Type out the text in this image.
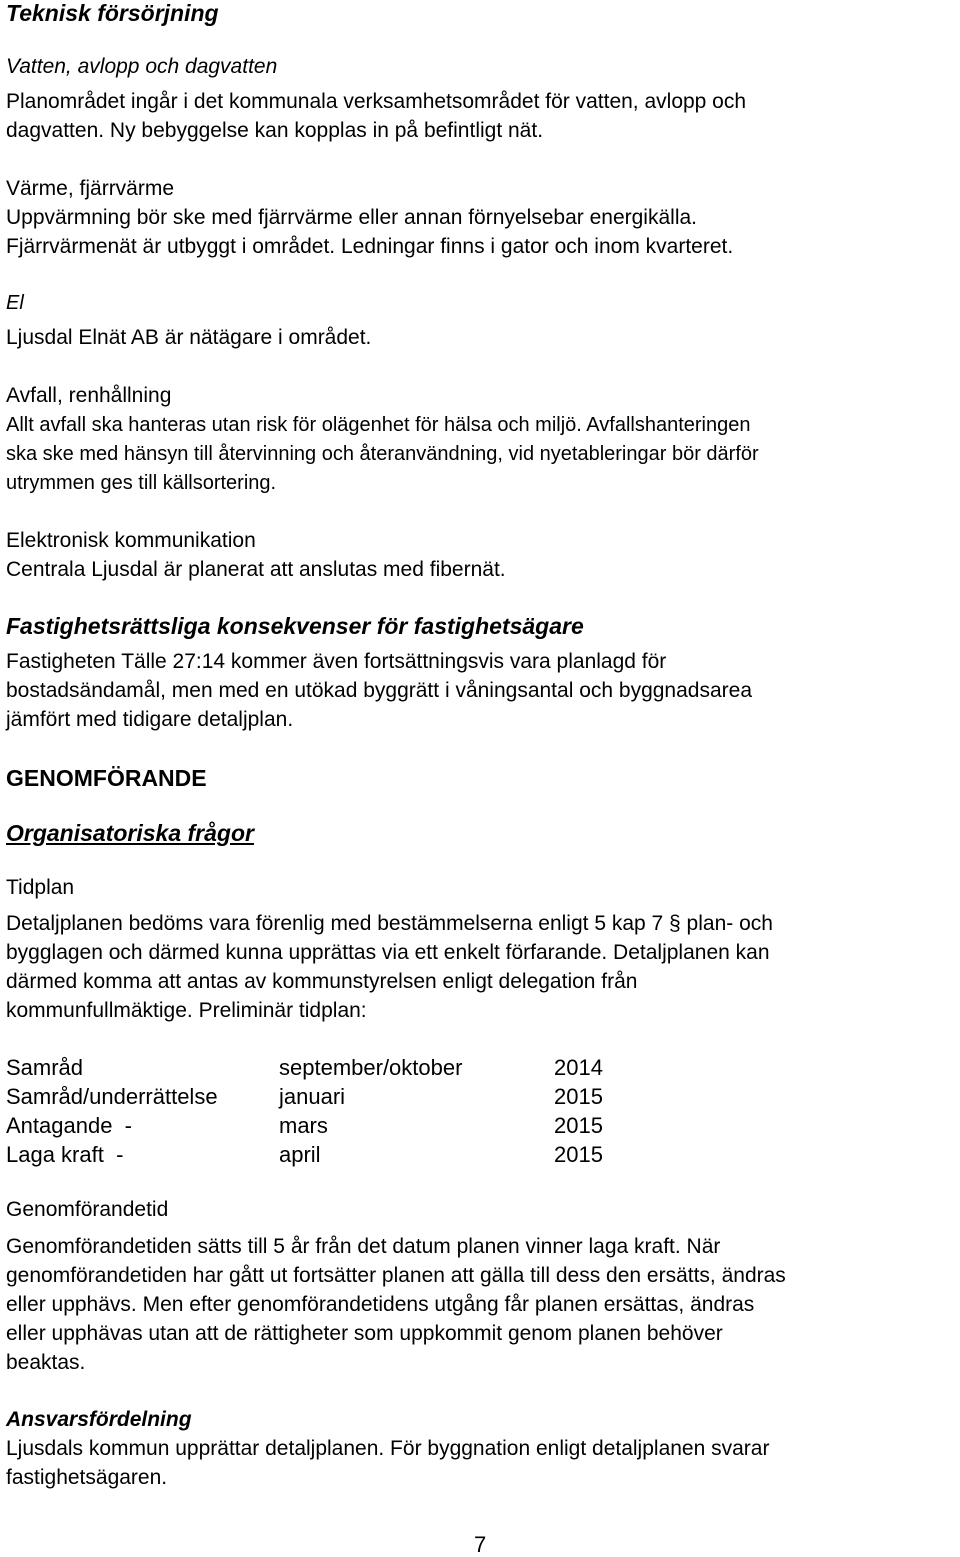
Teknisk försörjning
Vatten, avlopp och dagvatten
Planområdet ingår i det kommunala verksamhetsområdet för vatten, avlopp och
dagvatten. Ny bebyggelse kan kopplas in på befintligt nät.
Värme, fjärrvärme
Uppvärmning bör ske med fjärrvärme eller annan förnyelsebar energikälla.
Fjärrvärmenät är utbyggt i området. Ledningar finns i gator och inom kvarteret.
El
Ljusdal Elnät AB är nätägare i området.
Avfall, renhållning
Allt avfall ska hanteras utan risk för olägenhet för hälsa och miljö. Avfallshanteringen
ska ske med hänsyn till återvinning och återanvändning, vid nyetableringar bör därför
utrymmen ges till källsortering.
Elektronisk kommunikation
Centrala Ljusdal är planerat att anslutas med fibernät.
Fastighetsrättsliga konsekvenser för fastighetsägare
Fastigheten Tälle 27:14 kommer även fortsättningsvis vara planlagd för
bostadsändamål, men med en utökad byggrätt i våningsantal och byggnadsarea
jämfört med tidigare detaljplan.
GENOMFÖRANDE
Organisatoriska frågor
Tidplan
Detaljplanen bedöms vara förenlig med bestämmelserna enligt 5 kap 7 § plan- och
bygglagen och därmed kunna upprättas via ett enkelt förfarande. Detaljplanen kan
därmed komma att antas av kommunstyrelsen enligt delegation från
kommunfullmäktige. Preliminär tidplan:
Samråd	september/oktober	2014
Samråd/underrättelse	januari	2015
Antagande  -	mars	2015
Laga kraft  -	april	2015
Genomförandetid
Genomförandetiden sätts till 5 år från det datum planen vinner laga kraft. När
genomförandetiden har gått ut fortsätter planen att gälla till dess den ersätts, ändras
eller upphävs. Men efter genomförandetidens utgång får planen ersättas, ändras
eller upphävas utan att de rättigheter som uppkommit genom planen behöver
beaktas.
Ansvarsfördelning
Ljusdals kommun upprättar detaljplanen. För byggnation enligt detaljplanen svarar
fastighetsägaren.
7
